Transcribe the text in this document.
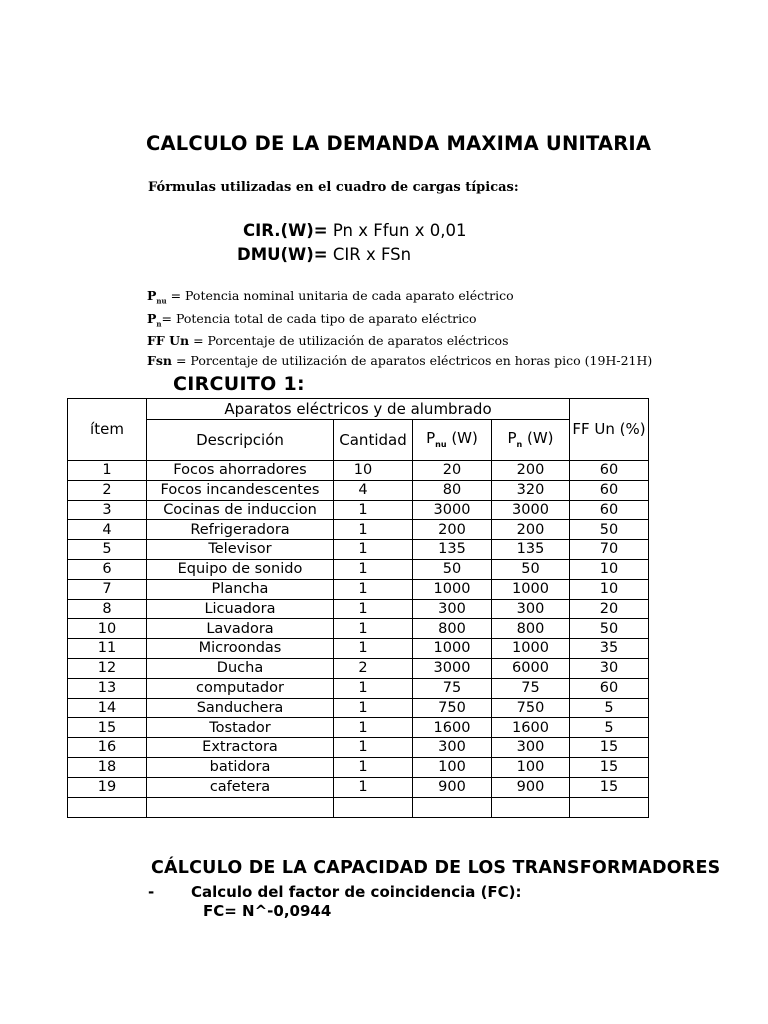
CALCULO DE LA DEMANDA MAXIMA UNITARIA
Fórmulas utilizadas en el cuadro de cargas típicas:
CIR.(W)= Pn x Ffun x 0,01
DMU(W)= CIR x FSn
$P_{nu}$ = Potencia nominal unitaria de cada aparato eléctrico
$P_n=$ Potencia total de cada tipo de aparato eléctrico
FF Un = Porcentaje de utilización de aparatos eléctricos
Fsn = Porcentaje de utilización de aparatos eléctricos en horas pico (19H-21H)
CIRCUITO 1:
ítem	Aparatos eléctricos y de alumbrado				FF Un (%)
	Descripción	Cantidad	$P_{nu}$ (W)	$P_n$ (W)	
1	Focos ahorradores	10	20	200	60
2	Focos incandescentes	4	80	320	60
3	Cocinas de induccion	1	3000	3000	60
4	Refrigeradora	1	200	200	50
5	Televisor	1	135	135	70
6	Equipo de sonido	1	50	50	10
7	Plancha	1	1000	1000	10
8	Licuadora	1	300	300	20
10	Lavadora	1	800	800	50
11	Microondas	1	1000	1000	35
12	Ducha	2	3000	6000	30
13	computador	1	75	75	60
14	Sanduchera	1	750	750	5
15	Tostador	1	1600	1600	5
16	Extractora	1	300	300	15
18	batidora	1	100	100	15
19	cafetera	1	900	900	15

CÁLCULO DE LA CAPACIDAD DE LOS TRANSFORMADORES
- Calculo del factor de coincidencia (FC):
FC= N^-0,0944
